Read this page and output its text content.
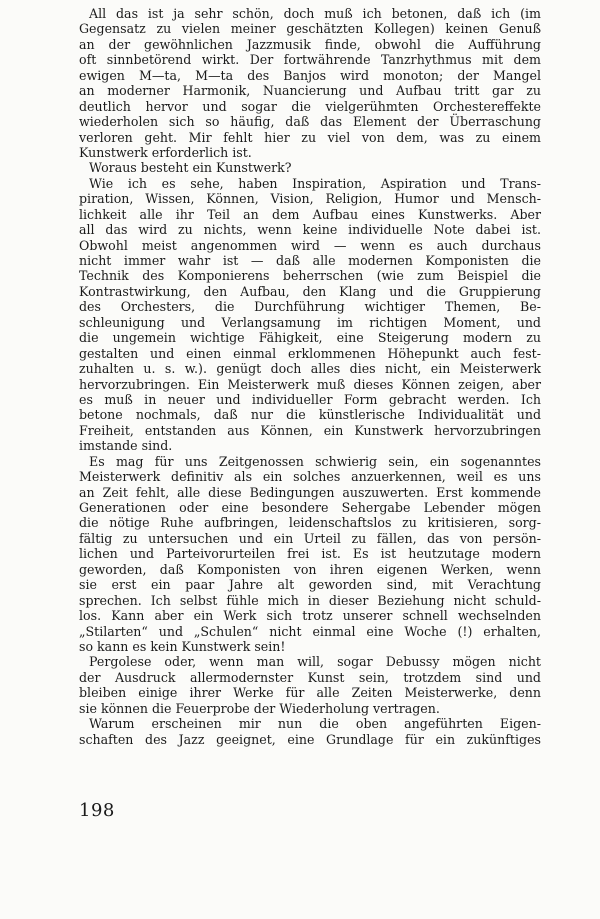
All das ist ja sehr schön, doch muß ich betonen, daß ich (im
Gegensatz zu vielen meiner geschätzten Kollegen) keinen Genuß
an der gewöhnlichen Jazzmusik finde, obwohl die Aufführung
oft sinnbetörend wirkt. Der fortwährende Tanzrhythmus mit dem
ewigen M—ta, M—ta des Banjos wird monoton; der Mangel
an moderner Harmonik, Nuancierung und Aufbau tritt gar zu
deutlich hervor und sogar die vielgerühmten Orchestereffekte
wiederholen sich so häufig, daß das Element der Überraschung
verloren geht. Mir fehlt hier zu viel von dem, was zu einem
Kunstwerk erforderlich ist.
Woraus besteht ein Kunstwerk?
Wie ich es sehe, haben Inspiration, Aspiration und Trans-
piration, Wissen, Können, Vision, Religion, Humor und Mensch-
lichkeit alle ihr Teil an dem Aufbau eines Kunstwerks. Aber
all das wird zu nichts, wenn keine individuelle Note dabei ist.
Obwohl meist angenommen wird — wenn es auch durchaus
nicht immer wahr ist — daß alle modernen Komponisten die
Technik des Komponierens beherrschen (wie zum Beispiel die
Kontrastwirkung, den Aufbau, den Klang und die Gruppierung
des Orchesters, die Durchführung wichtiger Themen, Be-
schleunigung und Verlangsamung im richtigen Moment, und
die ungemein wichtige Fähigkeit, eine Steigerung modern zu
gestalten und einen einmal erklommenen Höhepunkt auch fest-
zuhalten u. s. w.). genügt doch alles dies nicht, ein Meisterwerk
hervorzubringen. Ein Meisterwerk muß dieses Können zeigen, aber
es muß in neuer und individueller Form gebracht werden. Ich
betone nochmals, daß nur die künstlerische Individualität und
Freiheit, entstanden aus Können, ein Kunstwerk hervorzubringen
imstande sind.
Es mag für uns Zeitgenossen schwierig sein, ein sogenanntes
Meisterwerk definitiv als ein solches anzuerkennen, weil es uns
an Zeit fehlt, alle diese Bedingungen auszuwerten. Erst kommende
Generationen oder eine besondere Sehergabe Lebender mögen
die nötige Ruhe aufbringen, leidenschaftslos zu kritisieren, sorg-
fältig zu untersuchen und ein Urteil zu fällen, das von persön-
lichen und Parteivorurteilen frei ist. Es ist heutzutage modern
geworden, daß Komponisten von ihren eigenen Werken, wenn
sie erst ein paar Jahre alt geworden sind, mit Verachtung
sprechen. Ich selbst fühle mich in dieser Beziehung nicht schuld-
los. Kann aber ein Werk sich trotz unserer schnell wechselnden
„Stilarten“ und „Schulen“ nicht einmal eine Woche (!) erhalten,
so kann es kein Kunstwerk sein!
Pergolese oder, wenn man will, sogar Debussy mögen nicht
der Ausdruck allermodernster Kunst sein, trotzdem sind und
bleiben einige ihrer Werke für alle Zeiten Meisterwerke, denn
sie können die Feuerprobe der Wiederholung vertragen.
Warum erscheinen mir nun die oben angeführten Eigen-
schaften des Jazz geeignet, eine Grundlage für ein zukünftiges
198
